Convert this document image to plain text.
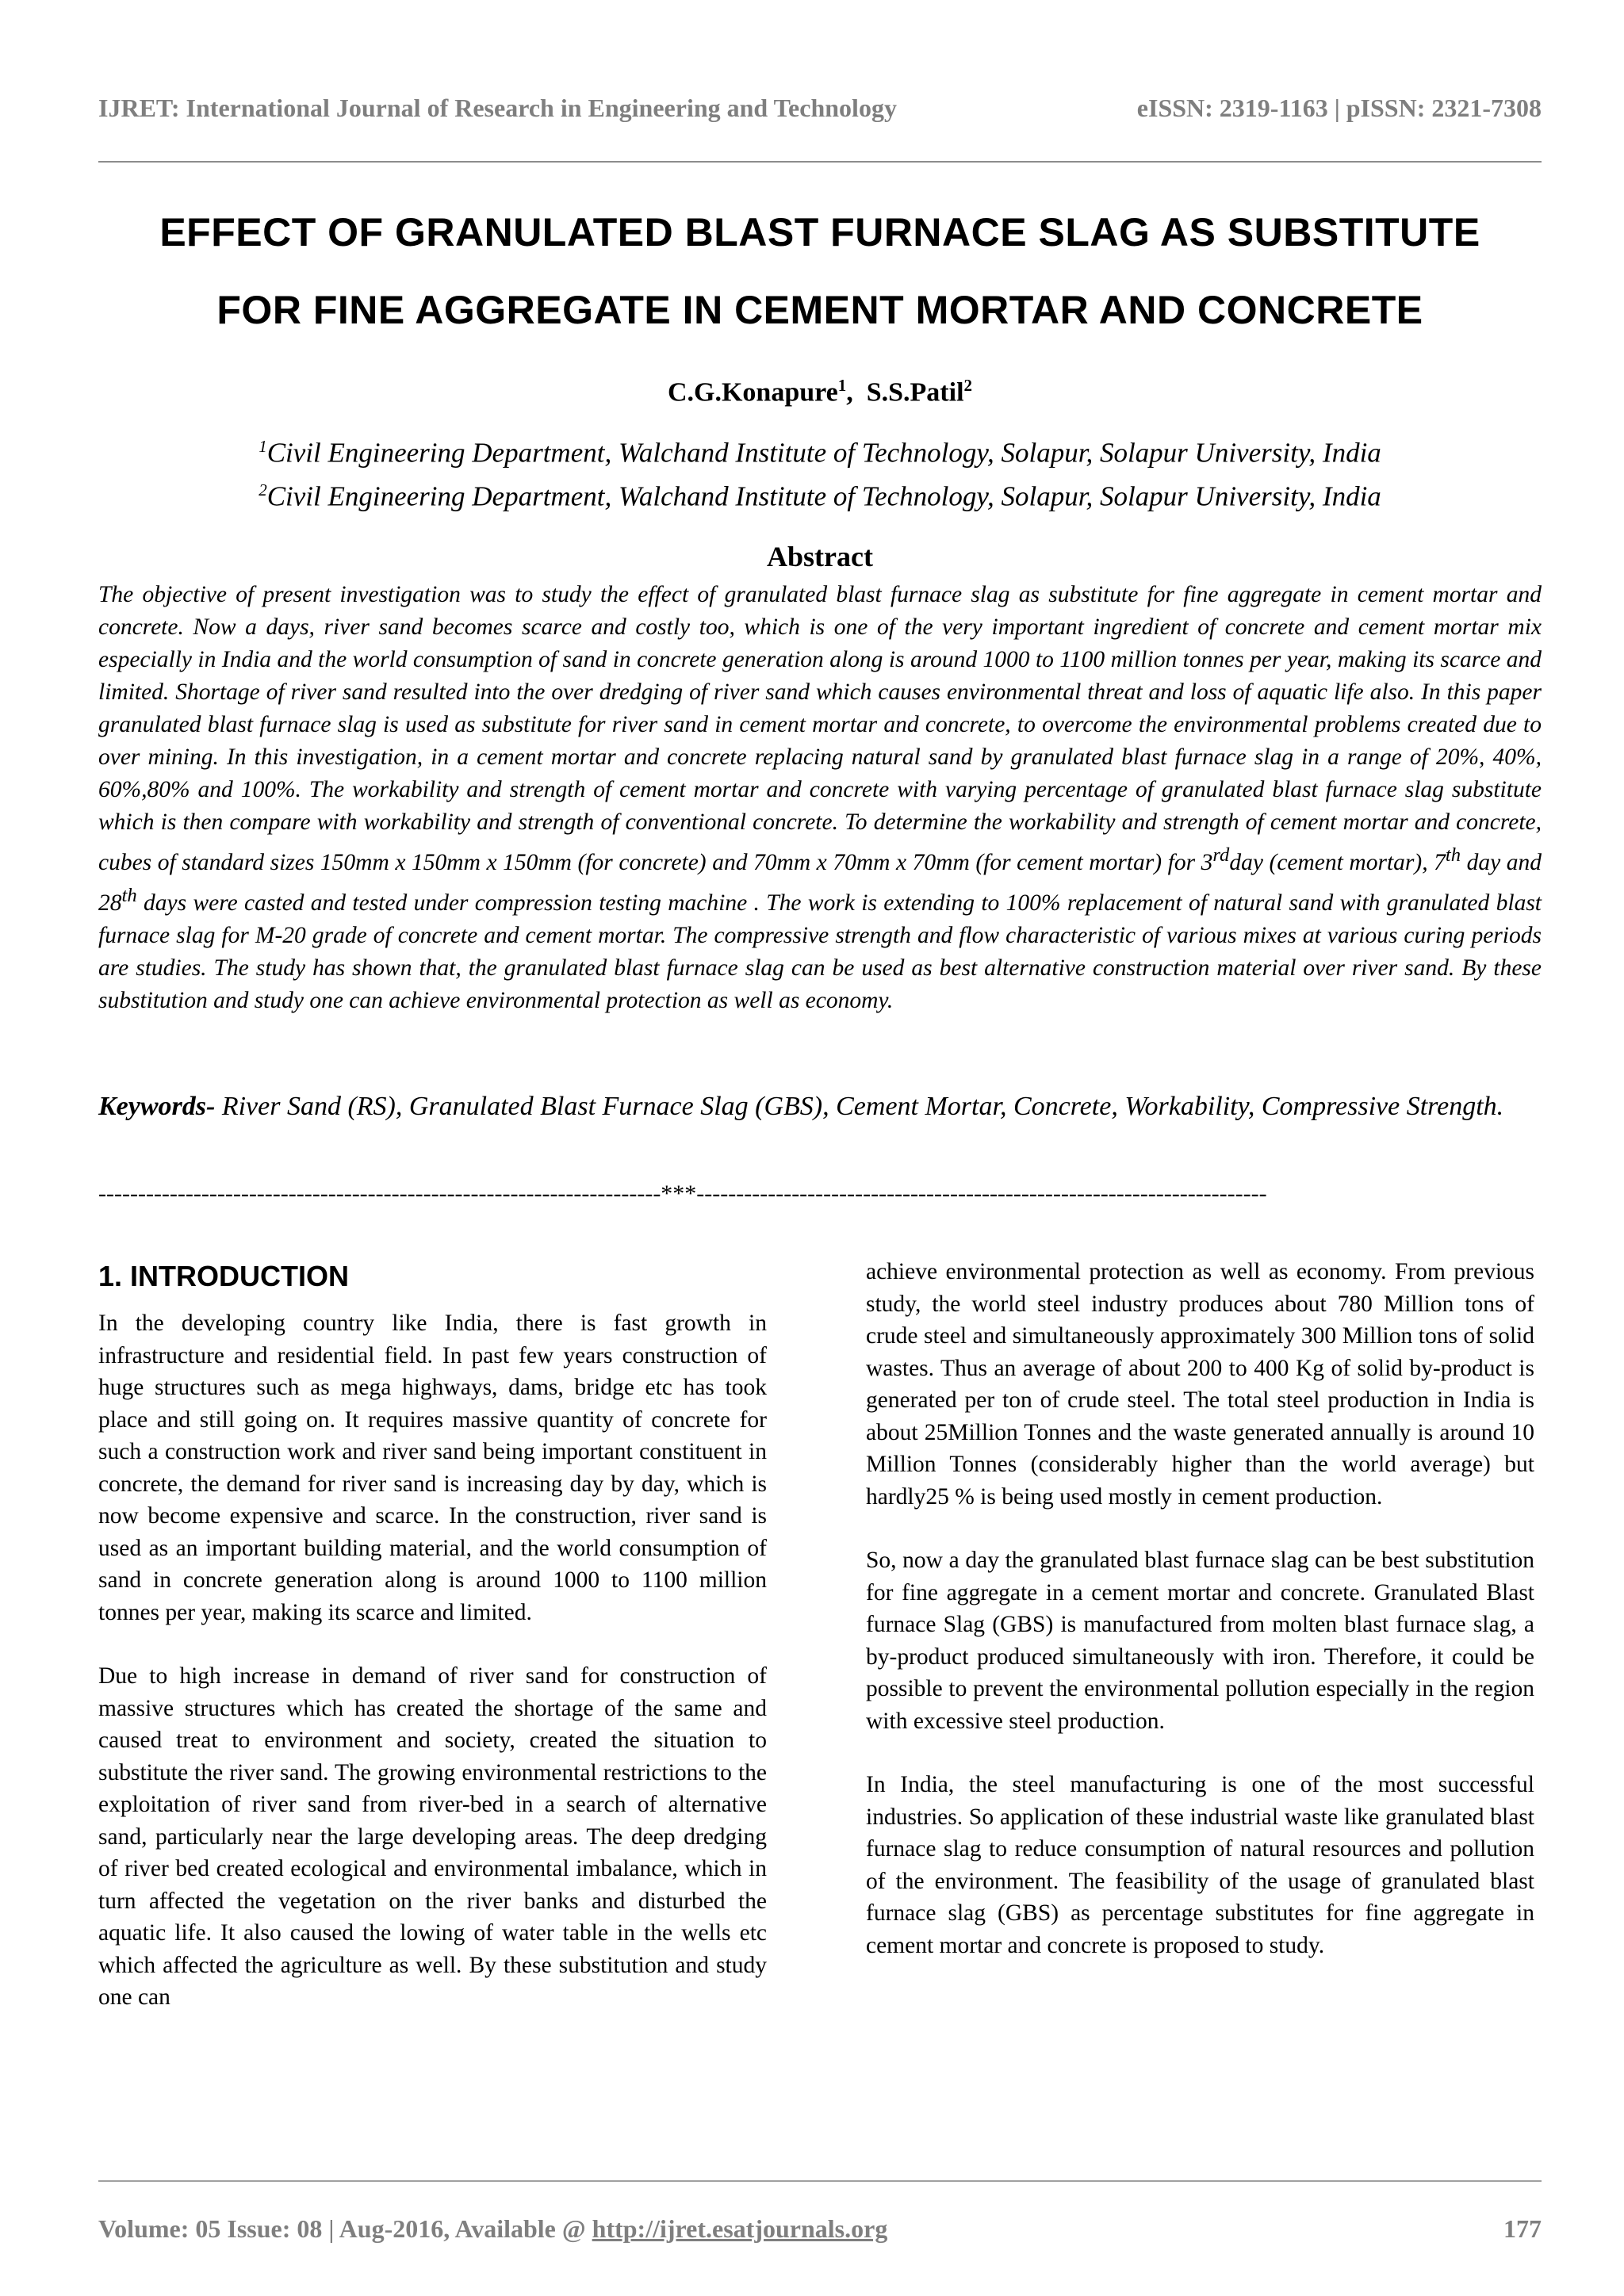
IJRET: International Journal of Research in Engineering and Technology	eISSN: 2319-1163 | pISSN: 2321-7308
EFFECT OF GRANULATED BLAST FURNACE SLAG AS SUBSTITUTE
FOR FINE AGGREGATE IN CEMENT MORTAR AND CONCRETE
C.G.Konapure$^1$, S.S.Patil$^2$
$^1$Civil Engineering Department, Walchand Institute of Technology, Solapur, Solapur University, India
$^2$Civil Engineering Department, Walchand Institute of Technology, Solapur, Solapur University, India
Abstract
The objective of present investigation was to study the effect of granulated blast furnace slag as substitute for fine aggregate in cement mortar and concrete. Now a days, river sand becomes scarce and costly too, which is one of the very important ingredient of concrete and cement mortar mix especially in India and the world consumption of sand in concrete generation along is around 1000 to 1100 million tonnes per year, making its scarce and limited. Shortage of river sand resulted into the over dredging of river sand which causes environmental threat and loss of aquatic life also. In this paper granulated blast furnace slag is used as substitute for river sand in cement mortar and concrete, to overcome the environmental problems created due to over mining. In this investigation, in a cement mortar and concrete replacing natural sand by granulated blast furnace slag in a range of 20%, 40%, 60%,80% and 100%. The workability and strength of cement mortar and concrete with varying percentage of granulated blast furnace slag substitute which is then compare with workability and strength of conventional concrete. To determine the workability and strength of cement mortar and concrete, cubes of standard sizes 150mm x 150mm x 150mm (for concrete) and 70mm x 70mm x 70mm (for cement mortar) for 3rdday (cement mortar), 7th day and 28th days were casted and tested under compression testing machine . The work is extending to 100% replacement of natural sand with granulated blast furnace slag for M-20 grade of concrete and cement mortar. The compressive strength and flow characteristic of various mixes at various curing periods are studies. The study has shown that, the granulated blast furnace slag can be used as best alternative construction material over river sand. By these substitution and study one can achieve environmental protection as well as economy.
Keywords- River Sand (RS), Granulated Blast Furnace Slag (GBS), Cement Mortar, Concrete, Workability, Compressive Strength.
-----------------------------------------------------------------------***------------------------------------------------------------------------
1. INTRODUCTION

In the developing country like India, there is fast growth in infrastructure and residential field. In past few years construction of huge structures such as mega highways, dams, bridge etc has took place and still going on. It requires massive quantity of concrete for such a construction work and river sand being important constituent in concrete, the demand for river sand is increasing day by day, which is now become expensive and scarce. In the construction, river sand is used as an important building material, and the world consumption of sand in concrete generation along is around 1000 to 1100 million tonnes per year, making its scarce and limited.

Due to high increase in demand of river sand for construction of massive structures which has created the shortage of the same and caused treat to environment and society, created the situation to substitute the river sand. The growing environmental restrictions to the exploitation of river sand from river-bed in a search of alternative sand, particularly near the large developing areas. The deep dredging of river bed created ecological and environmental imbalance, which in turn affected the vegetation on the river banks and disturbed the aquatic life. It also caused the lowing of water table in the wells etc which affected the agriculture as well. By these substitution and study one can

achieve environmental protection as well as economy. From previous study, the world steel industry produces about 780 Million tons of crude steel and simultaneously approximately 300 Million tons of solid wastes. Thus an average of about 200 to 400 Kg of solid by-product is generated per ton of crude steel. The total steel production in India is about 25Million Tonnes and the waste generated annually is around 10 Million Tonnes (considerably higher than the world average) but hardly25 % is being used mostly in cement production.

So, now a day the granulated blast furnace slag can be best substitution for fine aggregate in a cement mortar and concrete. Granulated Blast furnace Slag (GBS) is manufactured from molten blast furnace slag, a by-product produced simultaneously with iron. Therefore, it could be possible to prevent the environmental pollution especially in the region with excessive steel production.

In India, the steel manufacturing is one of the most successful industries. So application of these industrial waste like granulated blast furnace slag to reduce consumption of natural resources and pollution of the environment. The feasibility of the usage of granulated blast furnace slag (GBS) as percentage substitutes for fine aggregate in cement mortar and concrete is proposed to study.

Volume: 05 Issue: 08 | Aug-2016, Available @ http://ijret.esatjournals.org	177
